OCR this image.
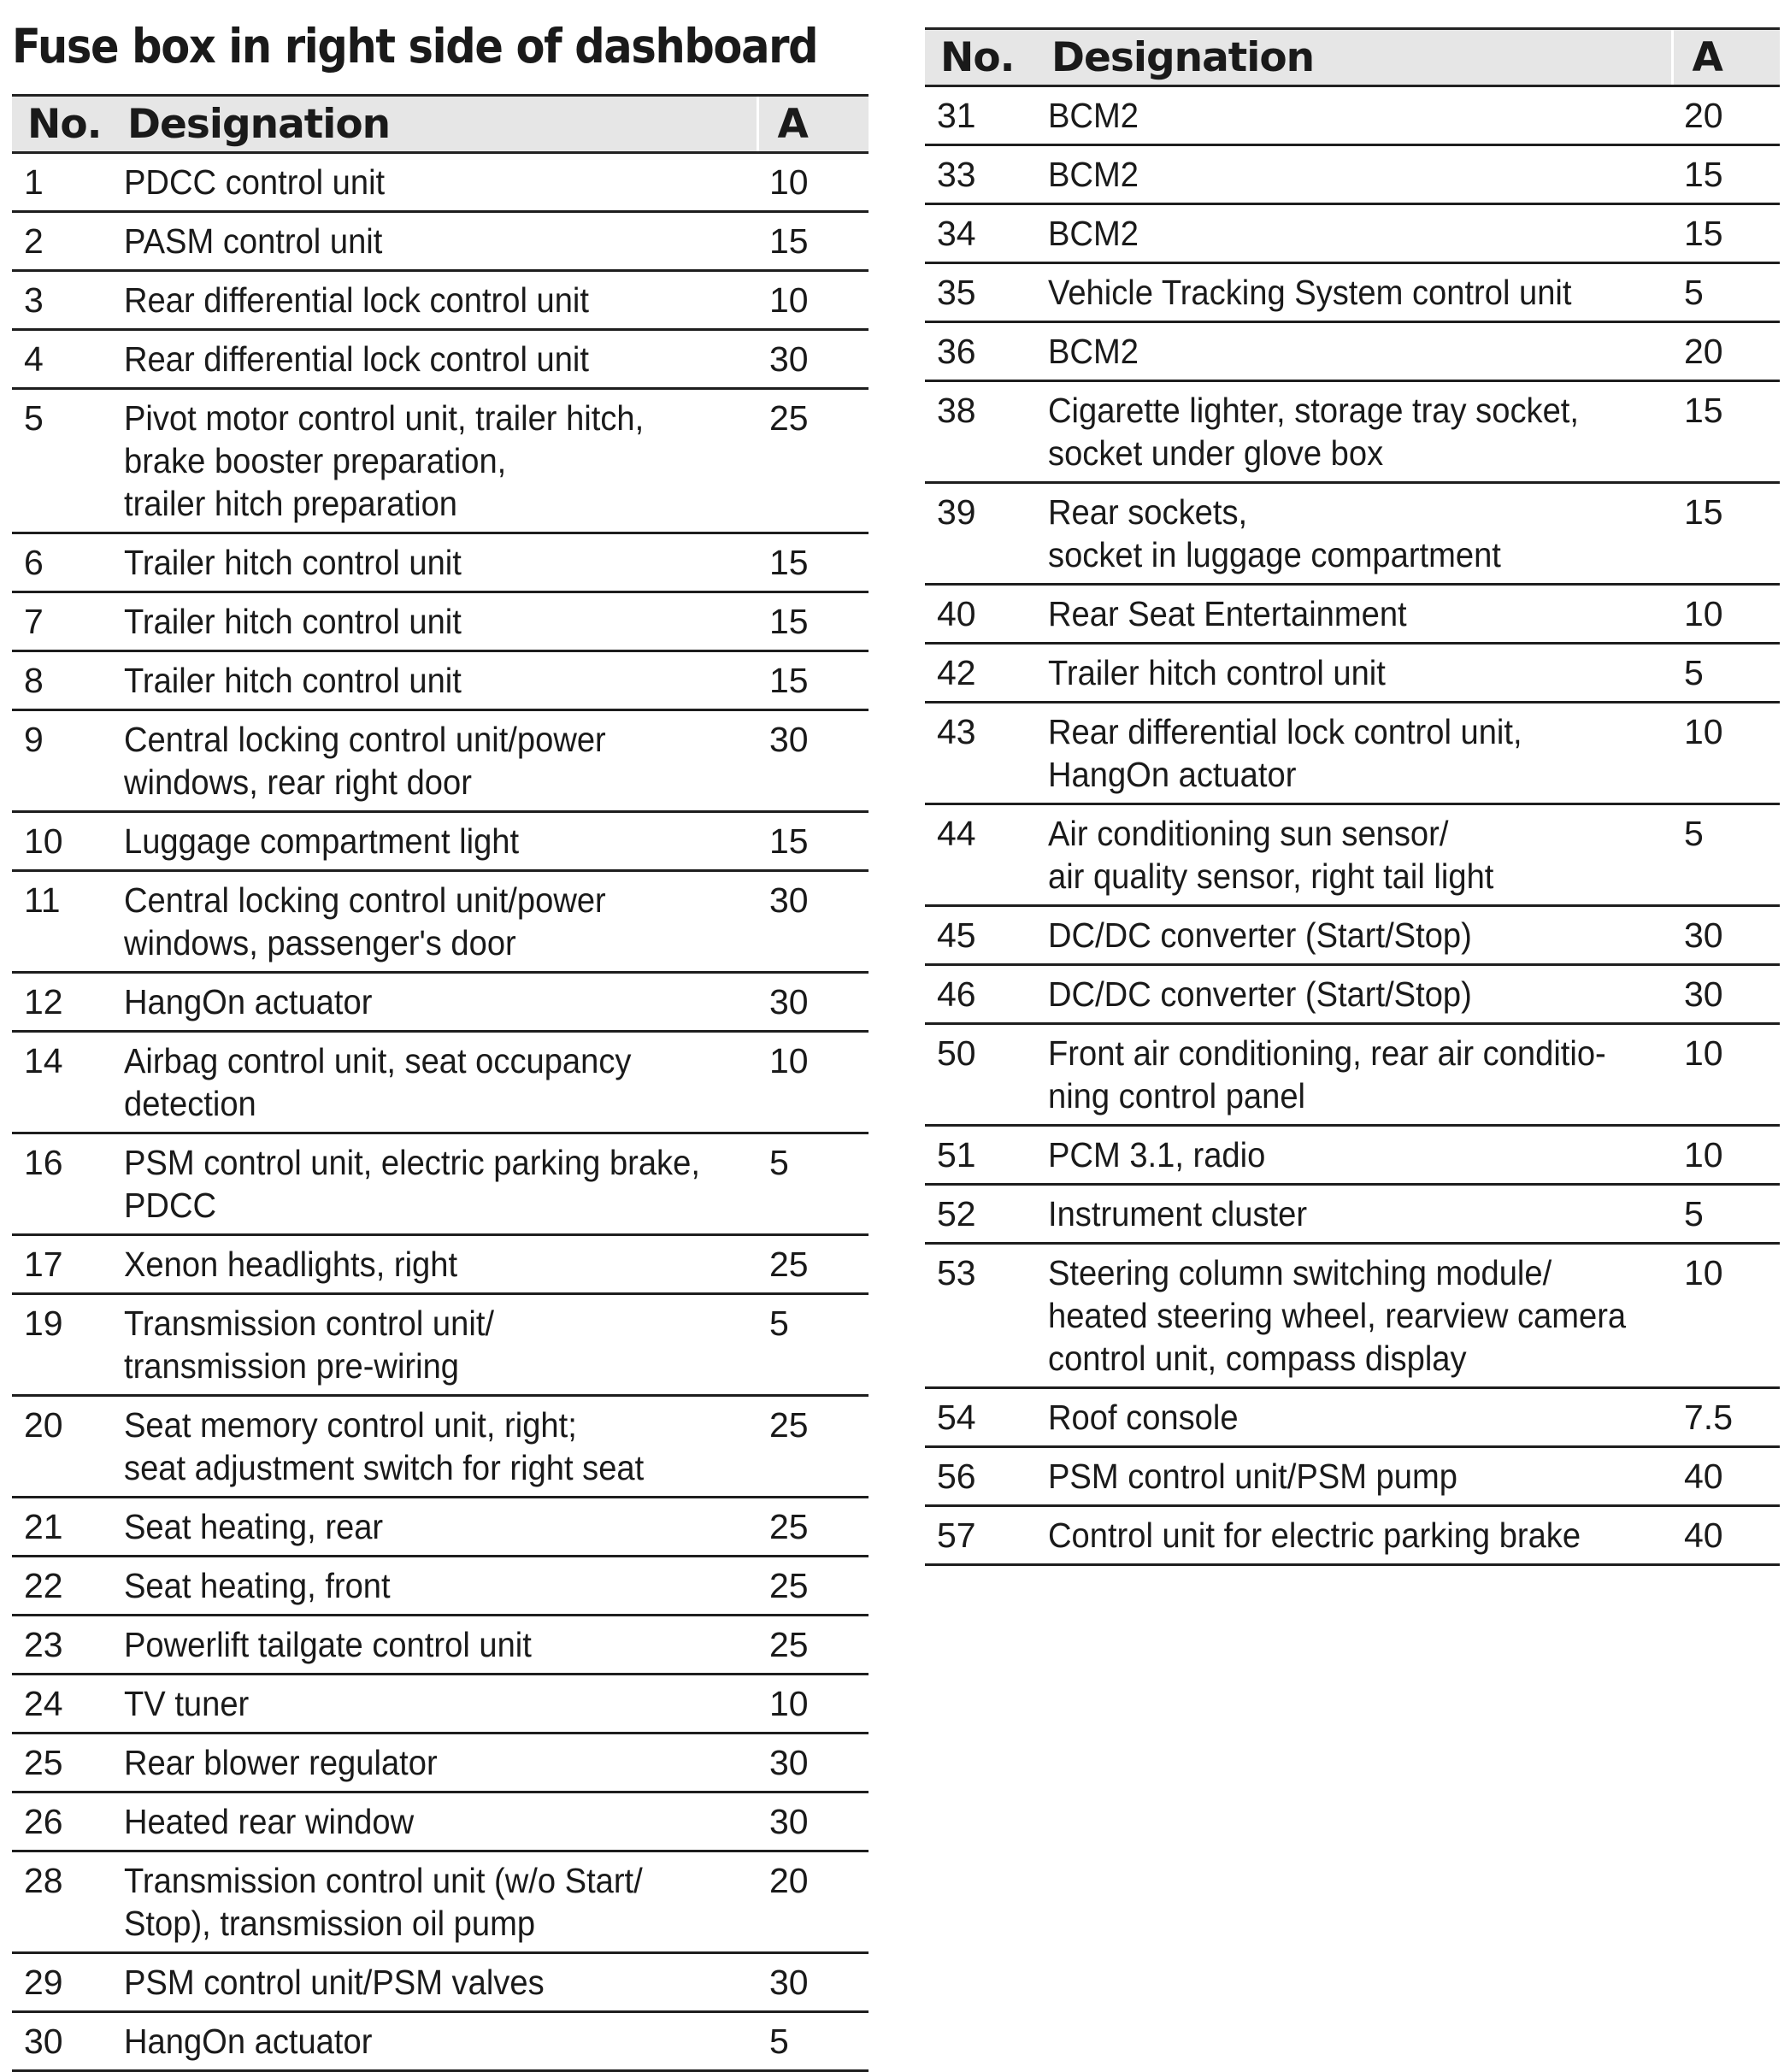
Fuse box in right side of dashboard
No.	Designation	A
1	PDCC control unit	10
2	PASM control unit	15
3	Rear differential lock control unit	10
4	Rear differential lock control unit	30
5	Pivot motor control unit, trailer hitch,
brake booster preparation,
trailer hitch preparation	25
6	Trailer hitch control unit	15
7	Trailer hitch control unit	15
8	Trailer hitch control unit	15
9	Central locking control unit/power
windows, rear right door	30
10	Luggage compartment light	15
11	Central locking control unit/power
windows, passenger's door	30
12	HangOn actuator	30
14	Airbag control unit, seat occupancy
detection	10
16	PSM control unit, electric parking brake,
PDCC	5
17	Xenon headlights, right	25
19	Transmission control unit/
transmission pre-wiring	5
20	Seat memory control unit, right;
seat adjustment switch for right seat	25
21	Seat heating, rear	25
22	Seat heating, front	25
23	Powerlift tailgate control unit	25
24	TV tuner	10
25	Rear blower regulator	30
26	Heated rear window	30
28	Transmission control unit (w/o Start/
Stop), transmission oil pump	20
29	PSM control unit/PSM valves	30
30	HangOn actuator	5
No.	Designation	A
31	BCM2	20
33	BCM2	15
34	BCM2	15
35	Vehicle Tracking System control unit	5
36	BCM2	20
38	Cigarette lighter, storage tray socket,
socket under glove box	15
39	Rear sockets,
socket in luggage compartment	15
40	Rear Seat Entertainment	10
42	Trailer hitch control unit	5
43	Rear differential lock control unit,
HangOn actuator	10
44	Air conditioning sun sensor/
air quality sensor, right tail light	5
45	DC/DC converter (Start/Stop)	30
46	DC/DC converter (Start/Stop)	30
50	Front air conditioning, rear air conditio-
ning control panel	10
51	PCM 3.1, radio	10
52	Instrument cluster	5
53	Steering column switching module/
heated steering wheel, rearview camera
control unit, compass display	10
54	Roof console	7.5
56	PSM control unit/PSM pump	40
57	Control unit for electric parking brake	40
